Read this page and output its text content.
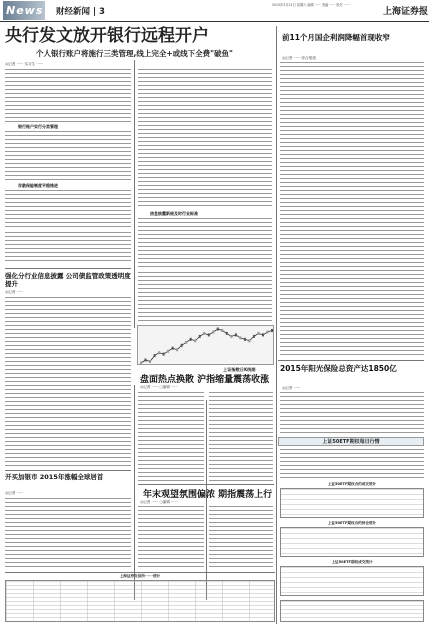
News 财经新闻 | 3
2015年3月21日 星期六 编辑 ······ 美编 ······ 校对 ······
上海证券报
央行发文放开银行远程开户
个人银行账户将施行三类管理,线上完全+或线下全费"破鱼"
◎记者 ······ 实习生 ······
银行账户实行分类管理
存款保险制度平稳推进
信息披露新规及时行业标准
强化分行业信息披露 公司债监管政策透明度提升
◎记者 ······
开买加银市 2015年涨幅全球居首
◎记者 ······
上证指数日K线图
盘面热点换散 沪指缩量震荡收涨
◎记者 ······ ○编辑 ······
年末观望氛围偏浓 期指震荡上行
◎记者 ······ ○编辑 ······
前11个月国企利润降幅首现收窄
◎记者 ······ 综合报道
2015年阳光保险总资产达1850亿
◎记者 ······
上证50ETF期权每日行情
上证50ETF期权合约成交统计
上证50ETF期权合约持仓统计
上证50ETF期权成交统计
上海证券交易所······统计
